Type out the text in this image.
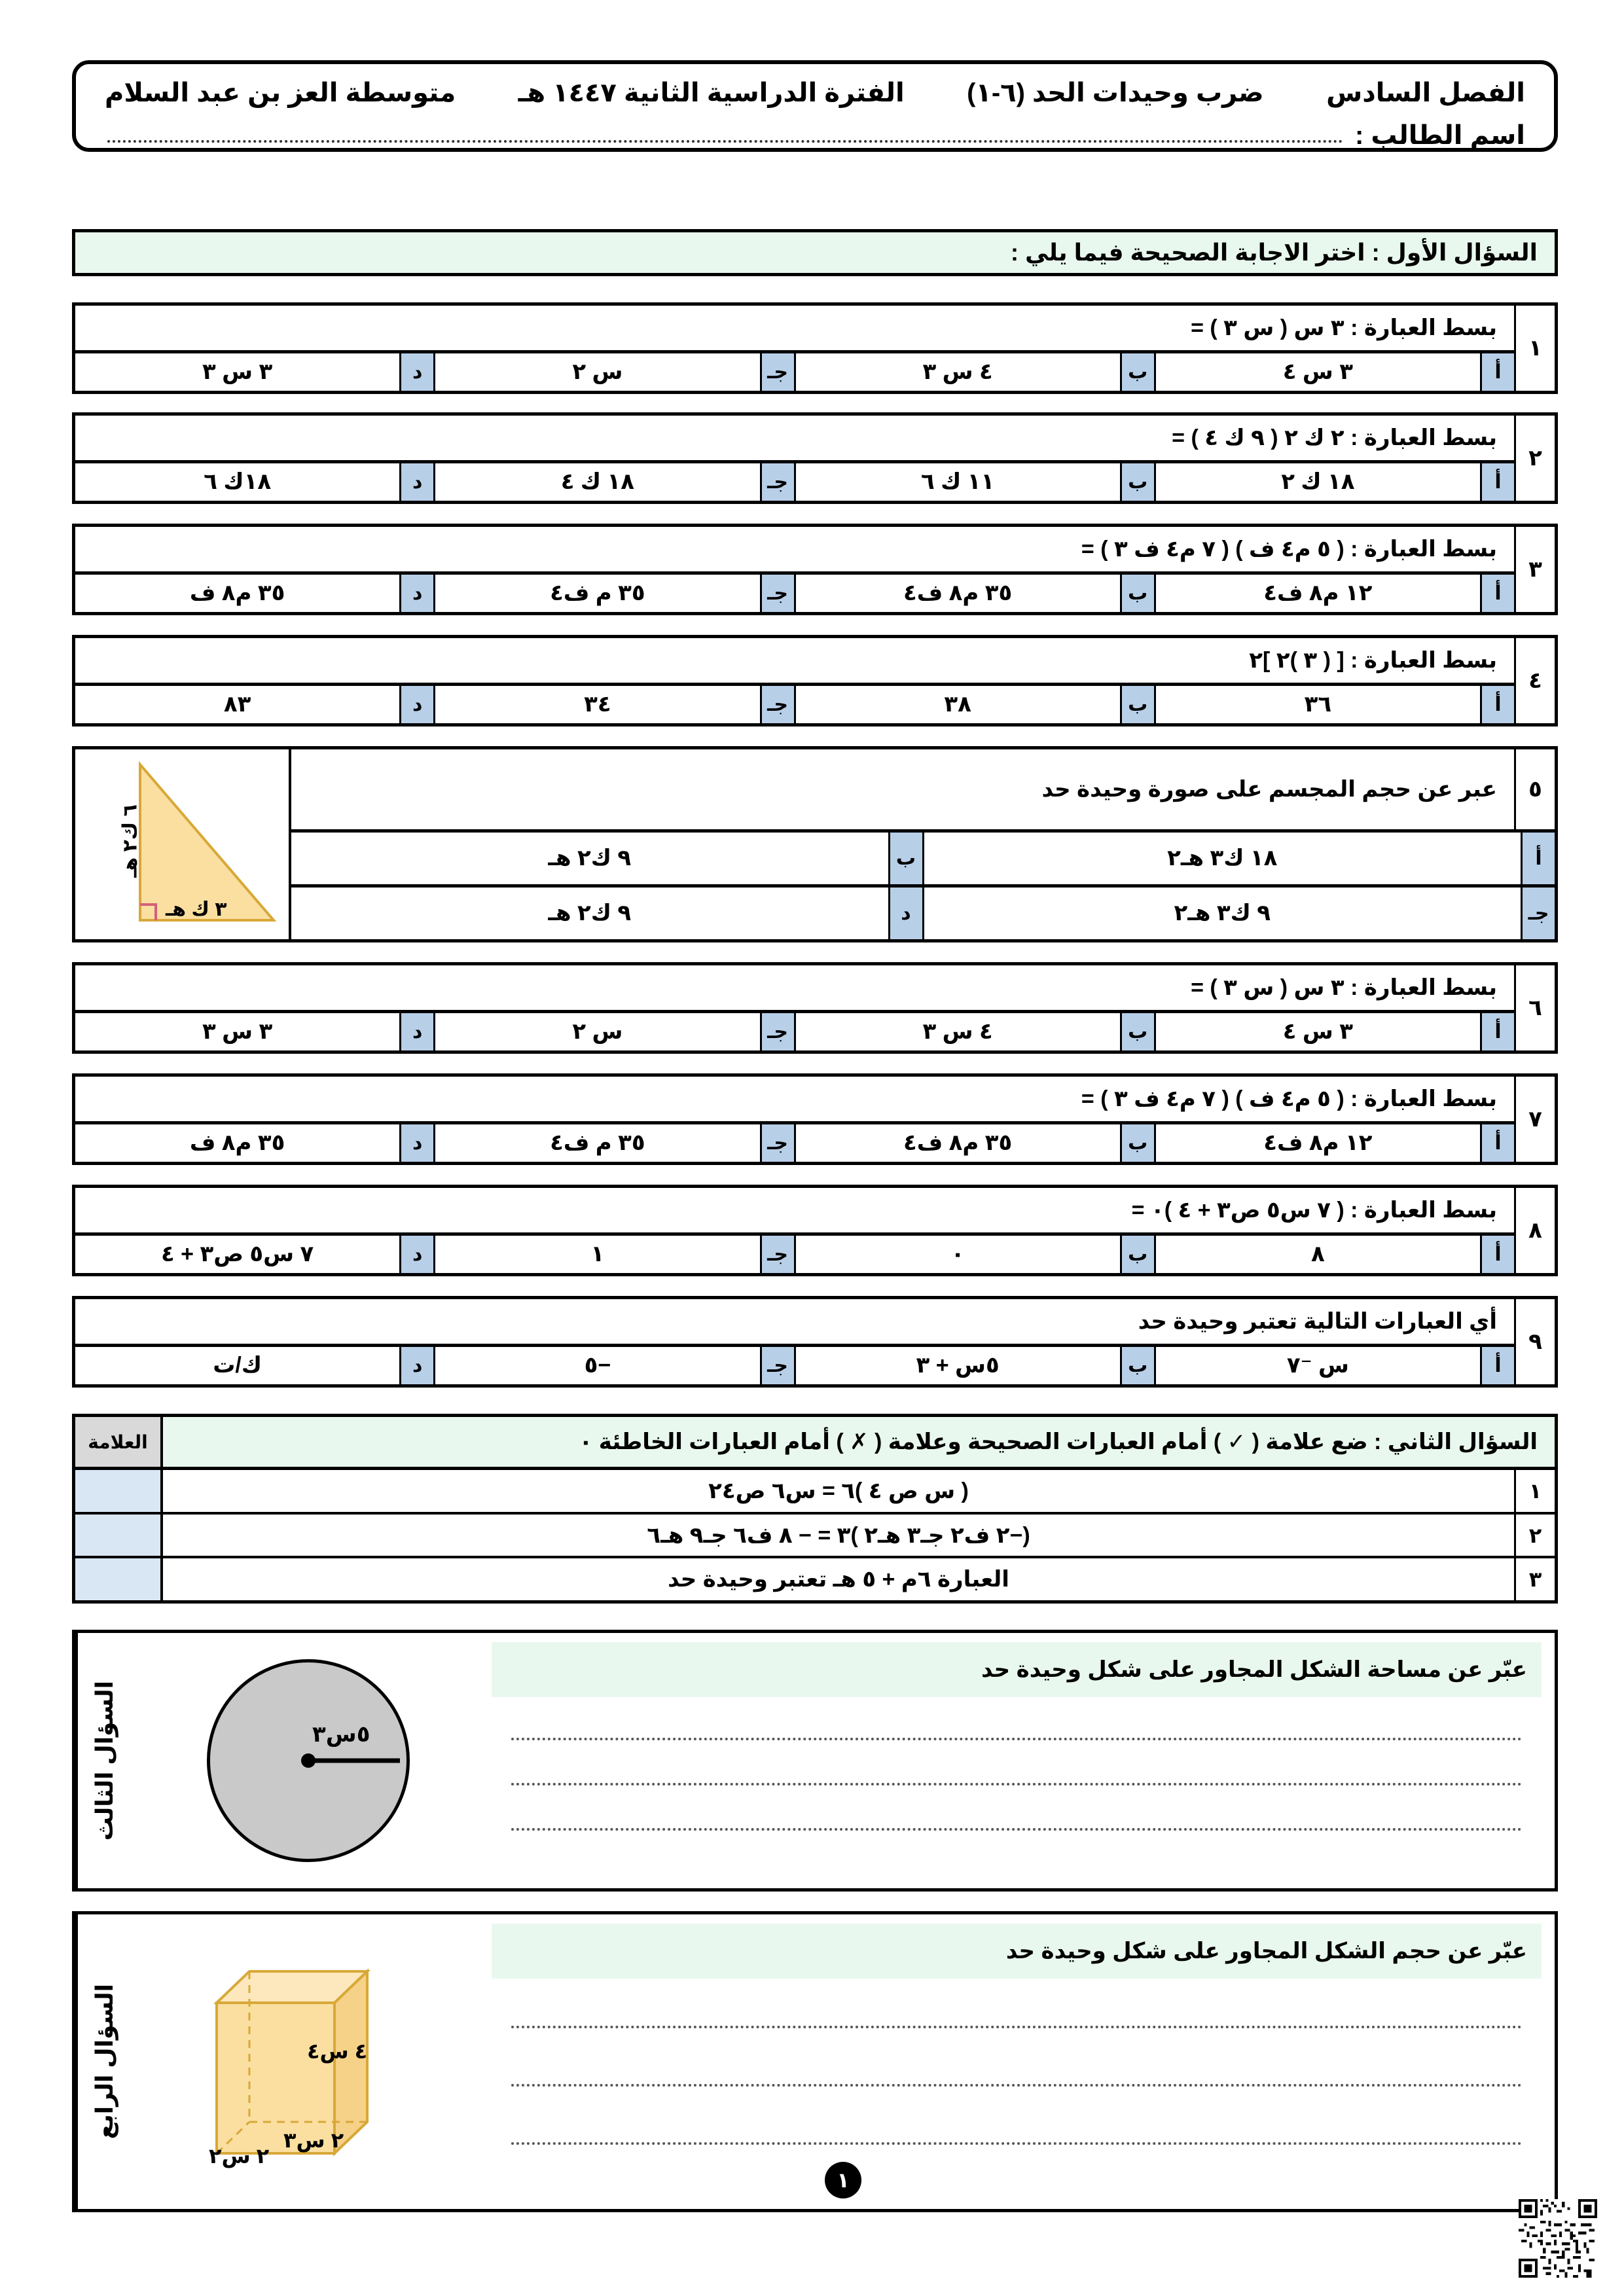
الفصل السادس
ضرب وحيدات الحد (٦-١)
الفترة الدراسية الثانية ١٤٤٧ هـ
متوسطة العز بن عبد السلام
اسم الطالب :
السؤال الأول : اختر الاجابة الصحيحة فيما يلي :
١
بسط العبارة : ٣ س ( س ٣ ) =
أ
٣ س ٤
ب
٤ س ٣
جـ
س ٢
د
٣ س ٣
٢
بسط العبارة : ٢ ك ٢ ( ٩ ك ٤ ) =
أ
١٨ ك ٢
ب
١١ ك ٦
جـ
١٨ ك ٤
د
١٨ك ٦
٣
بسط العبارة : ( ٥ م٤ ف ) ( ٧ م٤ ف ٣ ) =
أ
١٢ م٨ ف٤
ب
٣٥ م٨ ف٤
جـ
٣٥ م ف٤
د
٣٥ م٨ ف
٤
بسط العبارة : [ ( ٣ )٢ ]٢
أ
٣٦
ب
٣٨
جـ
٣٤
د
٨٣
٥
عبر عن حجم المجسم على صورة وحيدة حد
أ
١٨ ك٣ هـ٢
ب
٩ ك٢ هـ
جـ
٩ ك٣ هـ٢
د
٩ ك٢ هـ
٦ ك٢ هـ
٣ ك هـ
٦
بسط العبارة : ٣ س ( س ٣ ) =
أ
٣ س ٤
ب
٤ س ٣
جـ
س ٢
د
٣ س ٣
٧
بسط العبارة : ( ٥ م٤ ف ) ( ٧ م٤ ف ٣ ) =
أ
١٢ م٨ ف٤
ب
٣٥ م٨ ف٤
جـ
٣٥ م ف٤
د
٣٥ م٨ ف
٨
بسط العبارة : ( ٧ س٥ ص٣ + ٤ )٠ =
أ
٨
ب
٠
جـ
١
د
٧ س٥ ص٣ + ٤
٩
أي العبارات التالية تعتبر وحيدة حد
أ
س ⁻٧
ب
٥س + ٣
جـ
−٥
د
ك/ت
السؤال الثاني : ضع علامة ( ✓ ) أمام العبارات الصحيحة وعلامة ( ✗ ) أمام العبارات الخاطئة ٠
العلامة
١
( س ص ٤ )٦ = س٦ ص٢٤
٢
(−٢ ف٢ جـ٣ هـ٢ )٣ = − ٨ ف٦ جـ٩ هـ٦
٣
العبارة ٦م + ٥ هـ تعتبر وحيدة حد
عبّر عن مساحة الشكل المجاور على شكل وحيدة حد
٥س٣
السؤال الثالث
عبّر عن حجم الشكل المجاور على شكل وحيدة حد
١
٤ س٤
٢ س٣
٢ س٢
السؤال الرابع
